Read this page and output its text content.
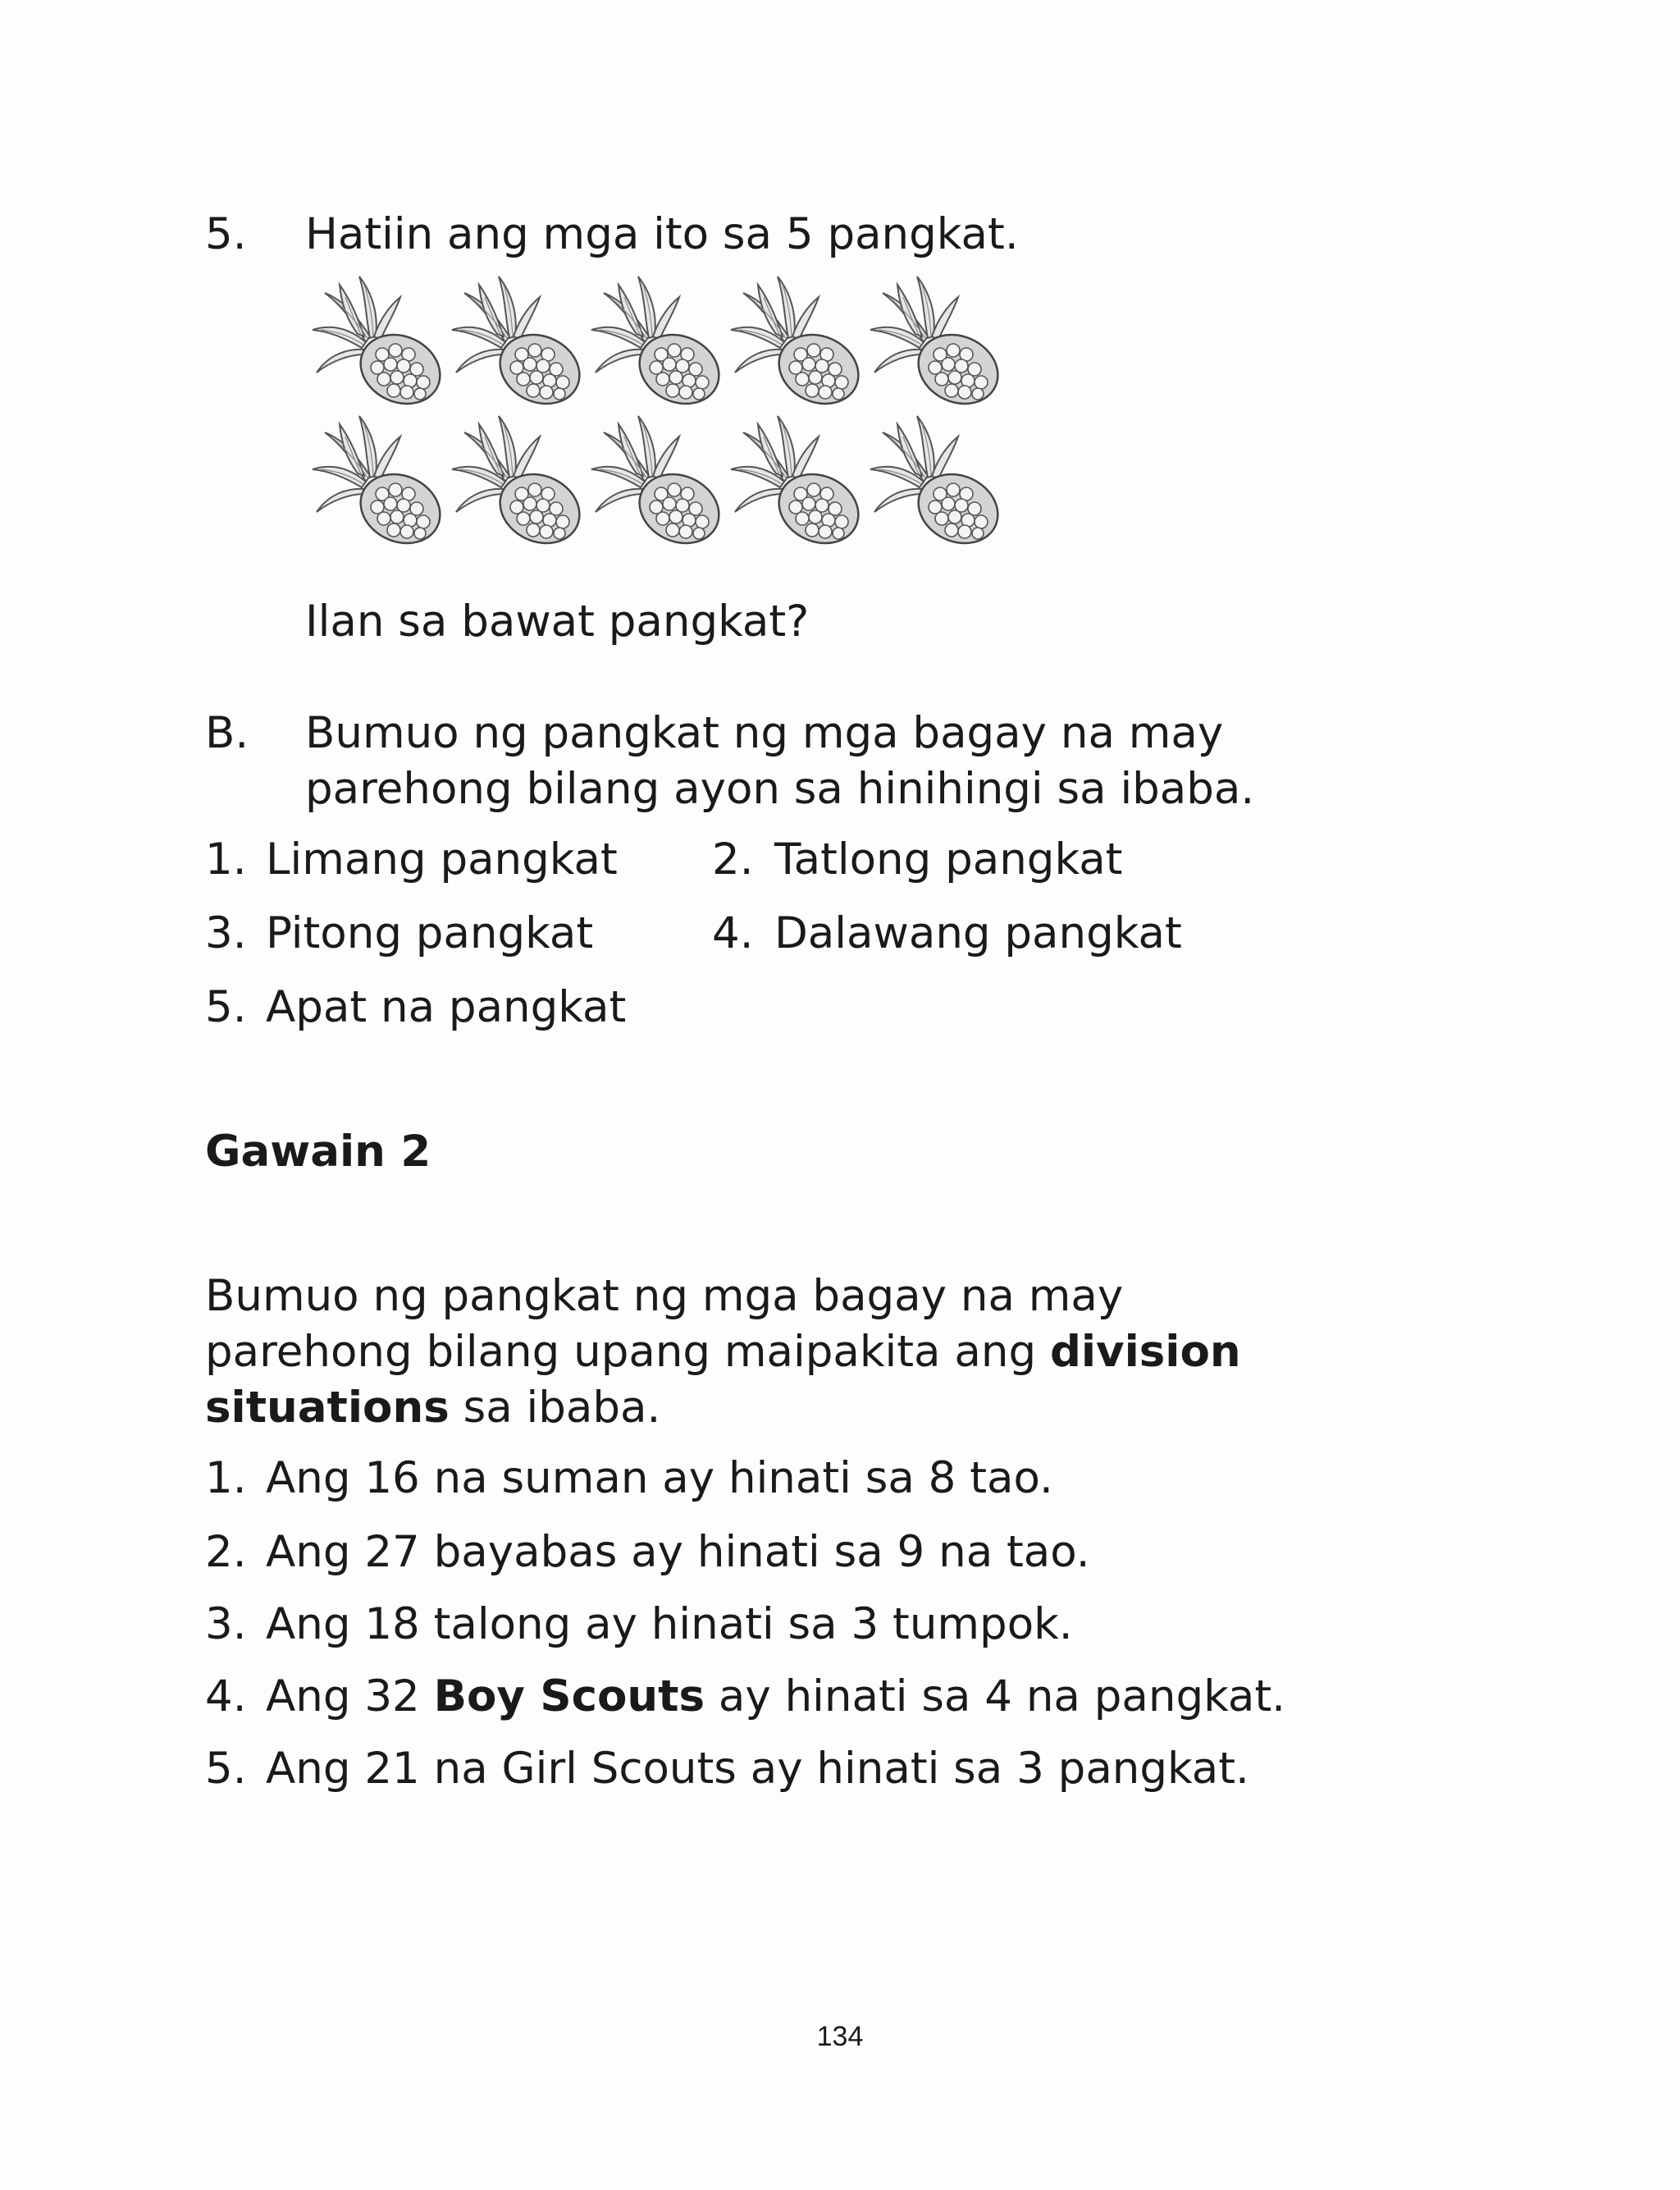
5. Hatiin ang mga ito sa 5 pangkat.
Ilan sa bawat pangkat?
B. Bumuo ng pangkat ng mga bagay na may
parehong bilang ayon sa hinihingi sa ibaba.
1. Limang pangkat 2. Tatlong pangkat
3. Pitong pangkat	4. Dalawang pangkat
5. Apat na pangkat
Gawain 2
Bumuo ng pangkat ng mga bagay na may
parehong bilang upang maipakita ang division
situations sa ibaba.
1. Ang 16 na suman ay hinati sa 8 tao.
2. Ang 27 bayabas ay hinati sa 9 na tao.
3. Ang 18 talong ay hinati sa 3 tumpok.
4. Ang 32 Boy Scouts ay hinati sa 4 na pangkat.
5. Ang 21 na Girl Scouts ay hinati sa 3 pangkat.
134
